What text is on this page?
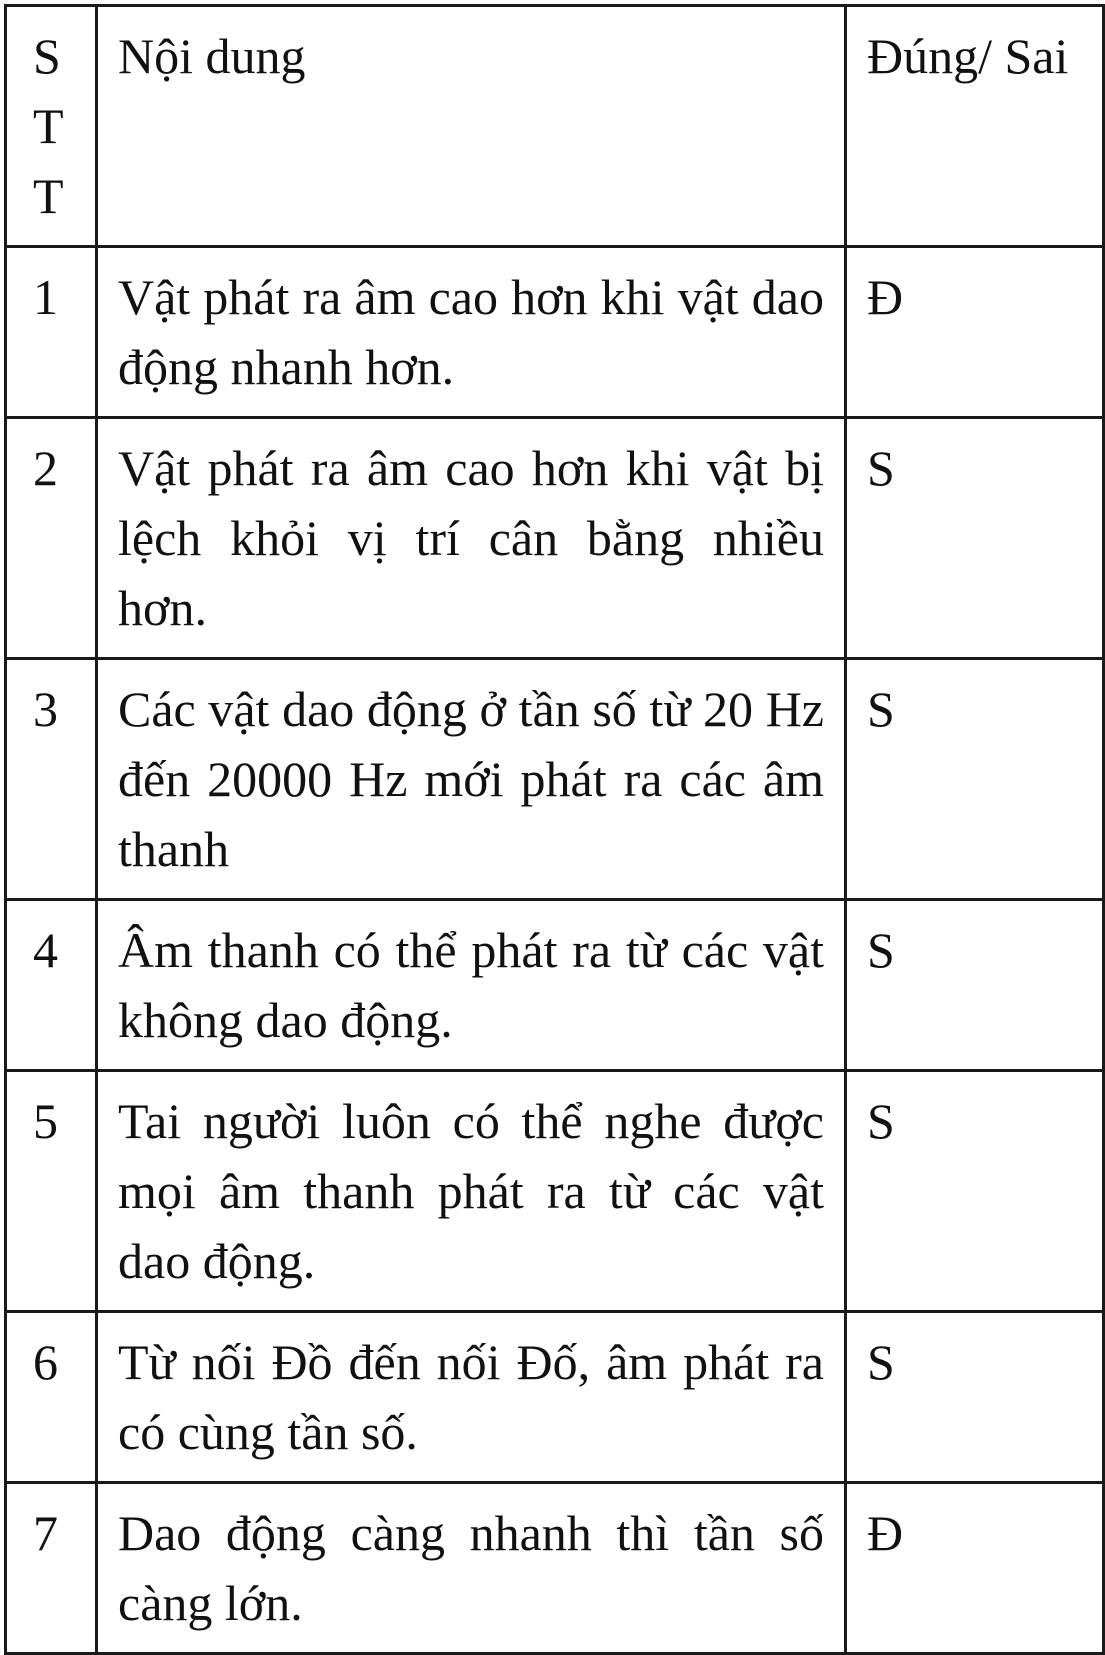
STT	Nội dung	Đúng/ Sai
1	Vật phát ra âm cao hơn khi vật dao động nhanh hơn.	Đ
2	Vật phát ra âm cao hơn khi vật bị lệch khỏi vị trí cân bằng nhiều hơn.	S
3	Các vật dao động ở tần số từ 20 Hz đến 20000 Hz mới phát ra các âm thanh	S
4	Âm thanh có thể phát ra từ các vật không dao động.	S
5	Tai người luôn có thể nghe được mọi âm thanh phát ra từ các vật dao động.	S
6	Từ nối Đồ đến nối Đố, âm phát ra có cùng tần số.	S
7	Dao động càng nhanh thì tần số càng lớn.	Đ
